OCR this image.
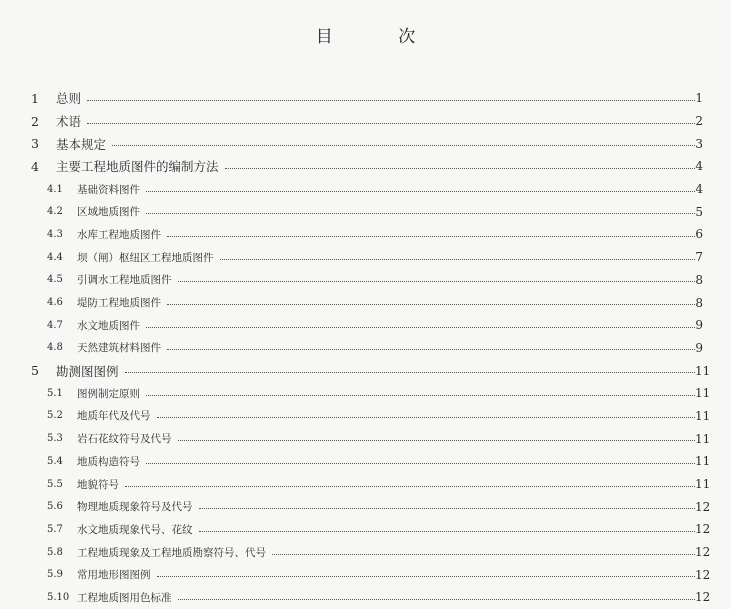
目 次
1	总则	1
2	术语	2
3	基本规定	3
4	主要工程地质图件的编制方法	4
4.1	基础资料图件	4
4.2	区域地质图件	5
4.3	水库工程地质图件	6
4.4	坝（闸）枢纽区工程地质图件	7
4.5	引调水工程地质图件	8
4.6	堤防工程地质图件	8
4.7	水文地质图件	9
4.8	天然建筑材料图件	9
5	勘测图图例	11
5.1	图例制定原则	11
5.2	地质年代及代号	11
5.3	岩石花纹符号及代号	11
5.4	地质构造符号	11
5.5	地貌符号	11
5.6	物理地质现象符号及代号	12
5.7	水文地质现象代号、花纹	12
5.8	工程地质现象及工程地质勘察符号、代号	12
5.9	常用地形图图例	12
5.10 工程地质图用色标准	12
